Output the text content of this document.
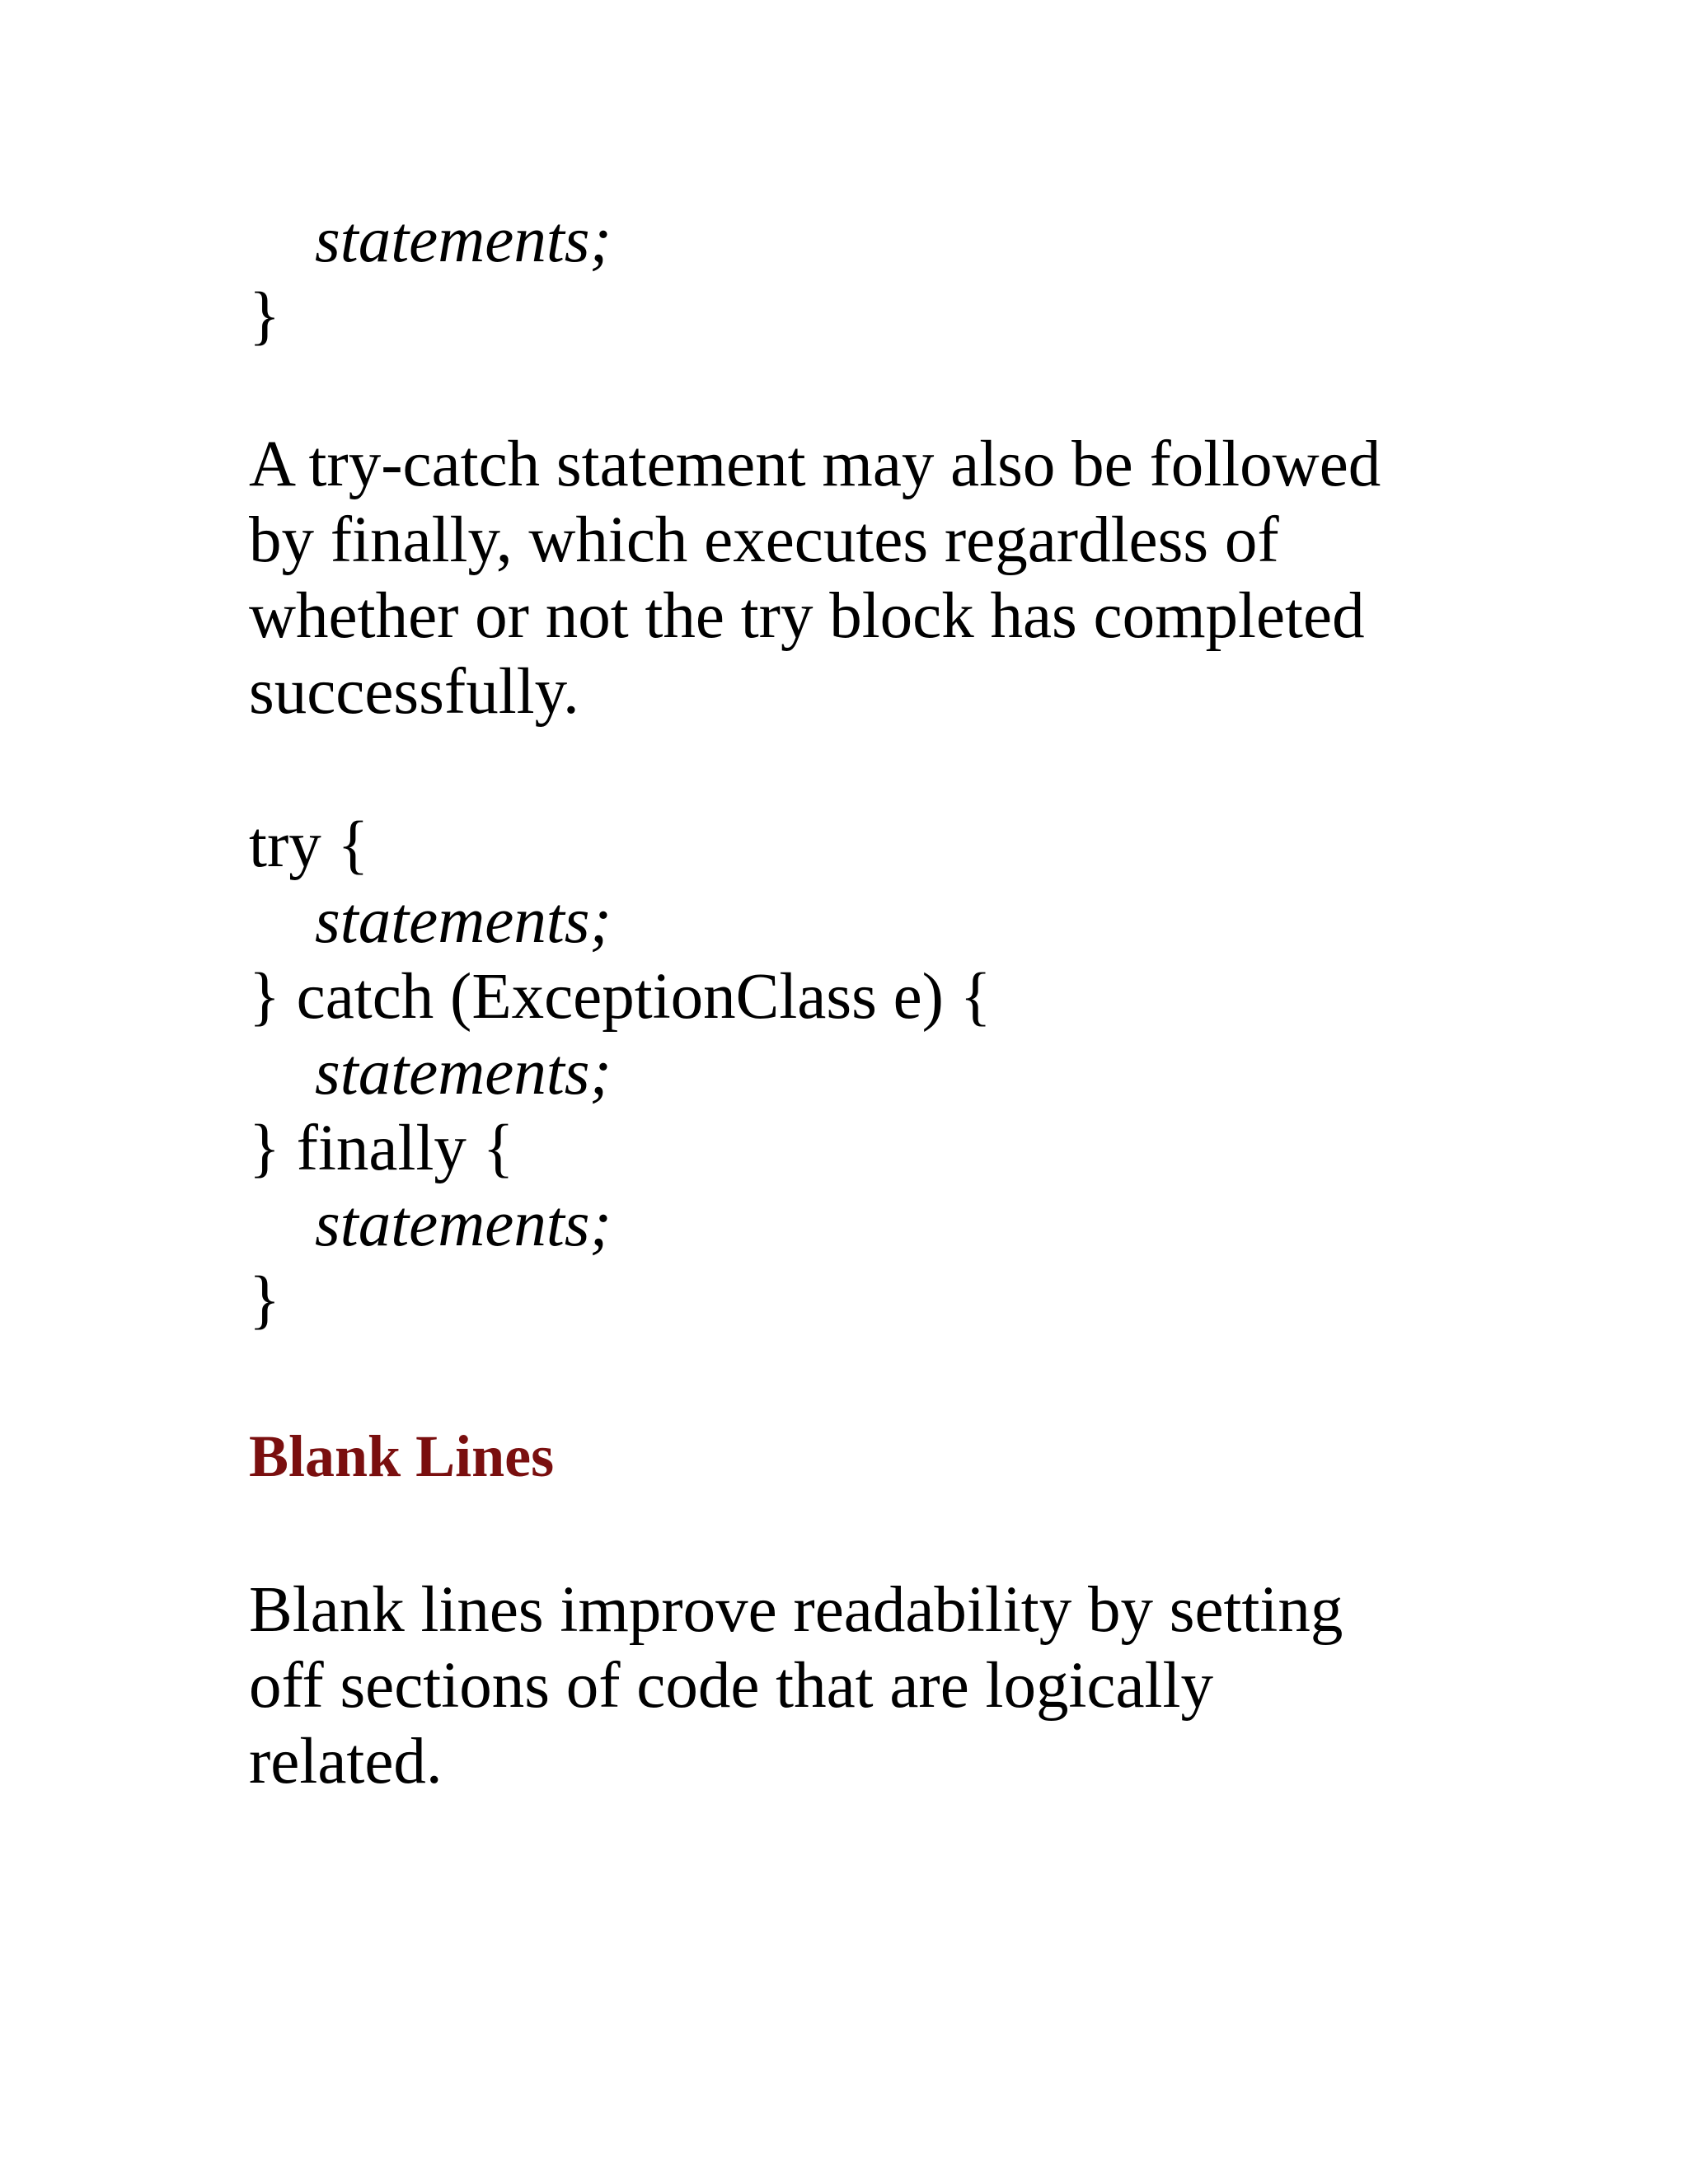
statements;
}
A try-catch statement may also be followed
by finally, which executes regardless of
whether or not the try block has completed
successfully.
try {
statements;
} catch (ExceptionClass e) {
statements;
} finally {
statements;
}
Blank Lines
Blank lines improve readability by setting
off sections of code that are logically
related.
